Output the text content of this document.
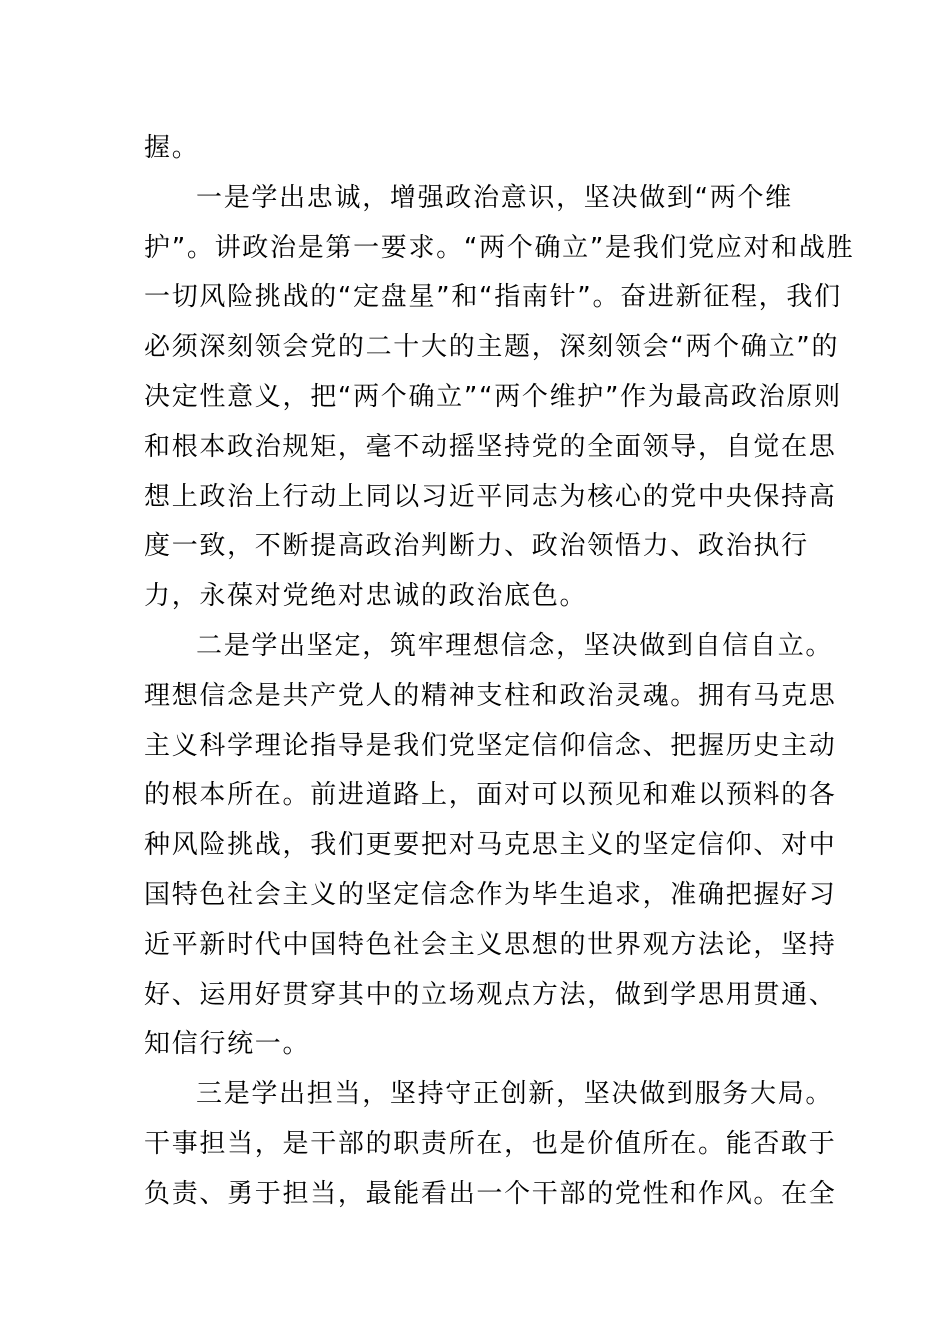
握。
一是学出忠诚，增强政治意识，坚决做到“两个维
护”。讲政治是第一要求。“两个确立”是我们党应对和战胜
一切风险挑战的“定盘星”和“指南针”。奋进新征程，我们
必须深刻领会党的二十大的主题，深刻领会“两个确立”的
决定性意义，把“两个确立”“两个维护”作为最高政治原则
和根本政治规矩，毫不动摇坚持党的全面领导，自觉在思
想上政治上行动上同以习近平同志为核心的党中央保持高
度一致，不断提高政治判断力、政治领悟力、政治执行
力，永葆对党绝对忠诚的政治底色。
二是学出坚定，筑牢理想信念，坚决做到自信自立。
理想信念是共产党人的精神支柱和政治灵魂。拥有马克思
主义科学理论指导是我们党坚定信仰信念、把握历史主动
的根本所在。前进道路上，面对可以预见和难以预料的各
种风险挑战，我们更要把对马克思主义的坚定信仰、对中
国特色社会主义的坚定信念作为毕生追求，准确把握好习
近平新时代中国特色社会主义思想的世界观方法论，坚持
好、运用好贯穿其中的立场观点方法，做到学思用贯通、
知信行统一。
三是学出担当，坚持守正创新，坚决做到服务大局。
干事担当，是干部的职责所在，也是价值所在。能否敢于
负责、勇于担当，最能看出一个干部的党性和作风。在全
